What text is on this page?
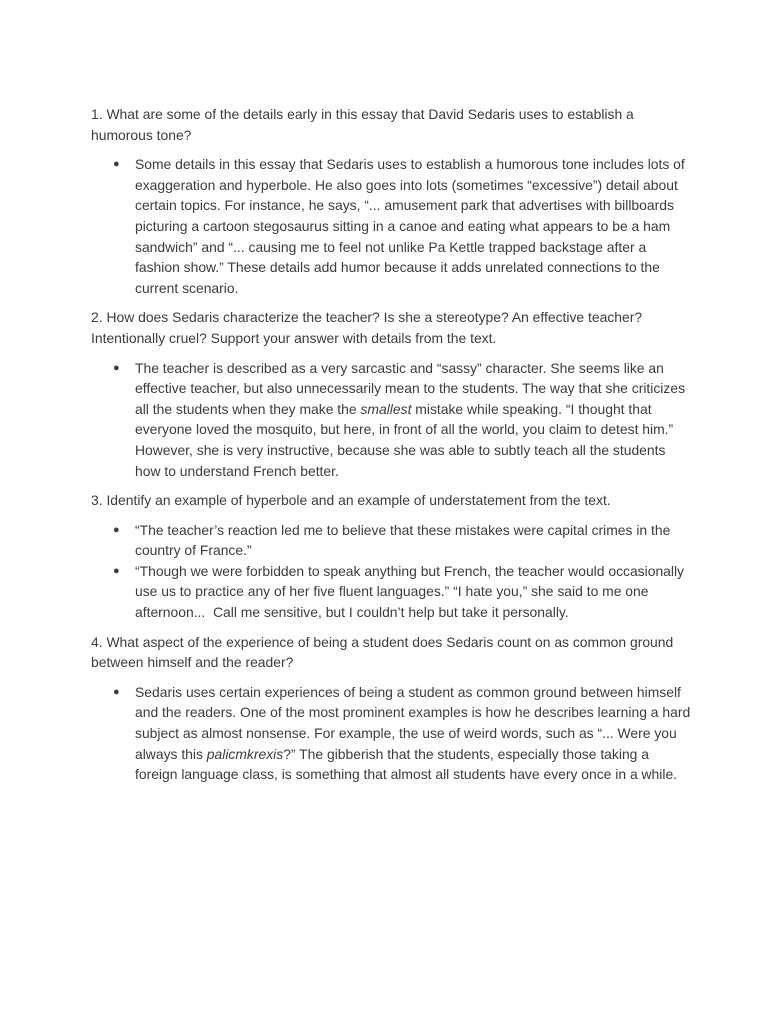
1. What are some of the details early in this essay that David Sedaris uses to establish a humorous tone?

● Some details in this essay that Sedaris uses to establish a humorous tone includes lots of exaggeration and hyperbole. He also goes into lots (sometimes “excessive”) detail about certain topics. For instance, he says, “... amusement park that advertises with billboards picturing a cartoon stegosaurus sitting in a canoe and eating what appears to be a ham sandwich” and “... causing me to feel not unlike Pa Kettle trapped backstage after a fashion show.” These details add humor because it adds unrelated connections to the current scenario.

2. How does Sedaris characterize the teacher? Is she a stereotype? An effective teacher? Intentionally cruel? Support your answer with details from the text.

● The teacher is described as a very sarcastic and “sassy” character. She seems like an effective teacher, but also unnecessarily mean to the students. The way that she criticizes all the students when they make the smallest mistake while speaking. “I thought that everyone loved the mosquito, but here, in front of all the world, you claim to detest him.” However, she is very instructive, because she was able to subtly teach all the students how to understand French better.

3. Identify an example of hyperbole and an example of understatement from the text.

● “The teacher’s reaction led me to believe that these mistakes were capital crimes in the country of France.”
● “Though we were forbidden to speak anything but French, the teacher would occasionally use us to practice any of her five fluent languages.” “I hate you,” she said to me one afternoon...  Call me sensitive, but I couldn’t help but take it personally.

4. What aspect of the experience of being a student does Sedaris count on as common ground between himself and the reader?

● Sedaris uses certain experiences of being a student as common ground between himself and the readers. One of the most prominent examples is how he describes learning a hard subject as almost nonsense. For example, the use of weird words, such as “... Were you always this palicmkrexis?” The gibberish that the students, especially those taking a foreign language class, is something that almost all students have every once in a while.
